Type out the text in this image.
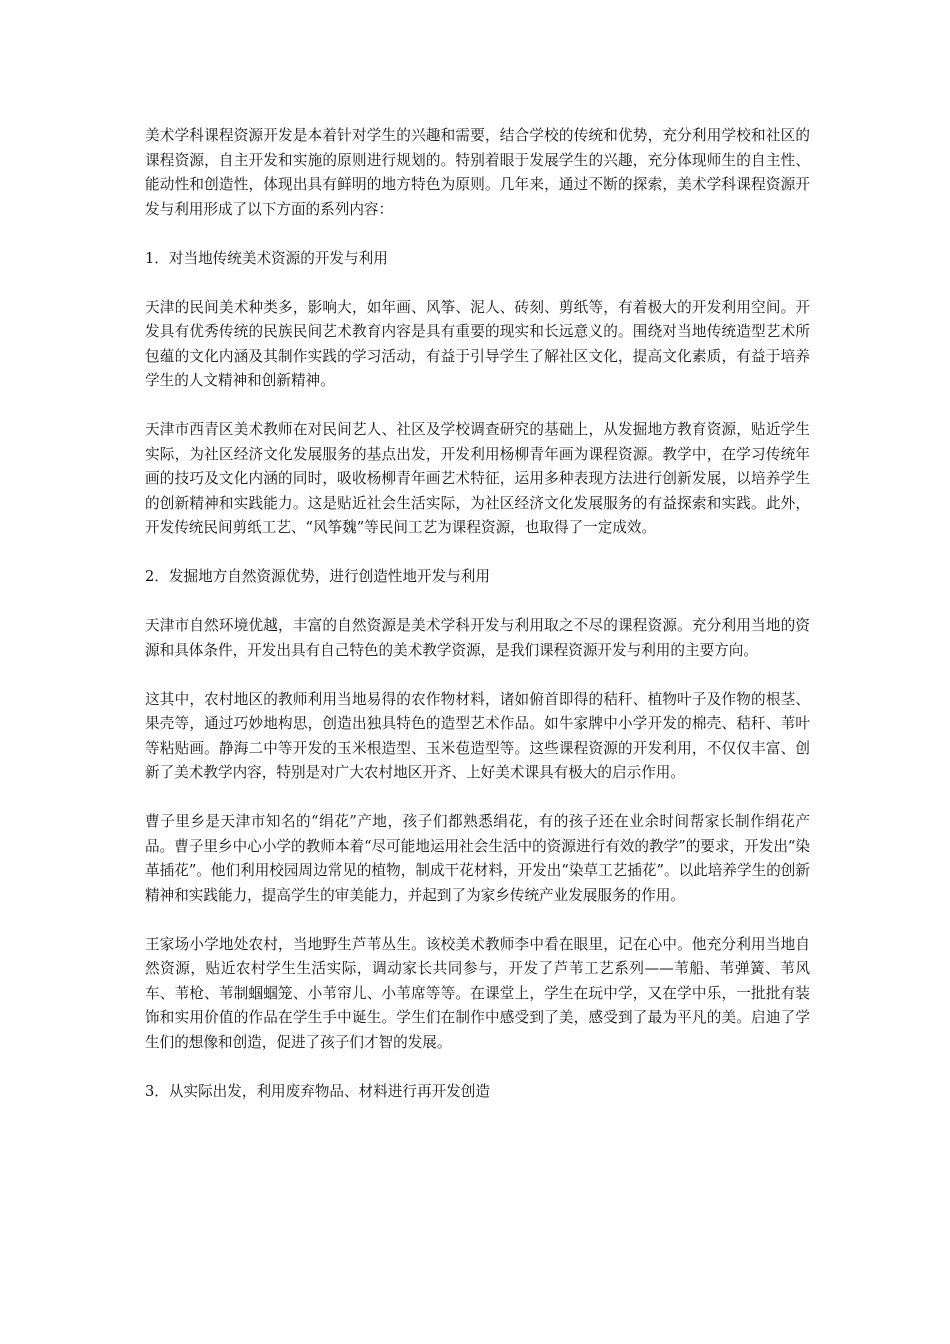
美术学科课程资源开发是本着针对学生的兴趣和需要，结合学校的传统和优势，充分利用学校和社区的课程资源，自主开发和实施的原则进行规划的。特别着眼于发展学生的兴趣，充分体现师生的自主性、能动性和创造性，体现出具有鲜明的地方特色为原则。几年来，通过不断的探索，美术学科课程资源开发与利用形成了以下方面的系列内容：

1．对当地传统美术资源的开发与利用

天津的民间美术种类多，影响大，如年画、风筝、泥人、砖刻、剪纸等，有着极大的开发利用空间。开发具有优秀传统的民族民间艺术教育内容是具有重要的现实和长远意义的。围绕对当地传统造型艺术所包蕴的文化内涵及其制作实践的学习活动，有益于引导学生了解社区文化，提高文化素质，有益于培养学生的人文精神和创新精神。

天津市西青区美术教师在对民间艺人、社区及学校调查研究的基础上，从发掘地方教育资源，贴近学生实际，为社区经济文化发展服务的基点出发，开发利用杨柳青年画为课程资源。教学中，在学习传统年画的技巧及文化内涵的同时，吸收杨柳青年画艺术特征，运用多种表现方法进行创新发展，以培养学生的创新精神和实践能力。这是贴近社会生活实际，为社区经济文化发展服务的有益探索和实践。此外，开发传统民间剪纸工艺、“风筝魏”等民间工艺为课程资源，也取得了一定成效。

2．发掘地方自然资源优势，进行创造性地开发与利用

天津市自然环境优越，丰富的自然资源是美术学科开发与利用取之不尽的课程资源。充分利用当地的资源和具体条件，开发出具有自己特色的美术教学资源，是我们课程资源开发与利用的主要方向。

这其中，农村地区的教师利用当地易得的农作物材料，诸如俯首即得的秸秆、植物叶子及作物的根茎、果壳等，通过巧妙地构思，创造出独具特色的造型艺术作品。如牛家牌中小学开发的棉壳、秸秆、苇叶等粘贴画。静海二中等开发的玉米根造型、玉米苞造型等。这些课程资源的开发利用，不仅仅丰富、创新了美术教学内容，特别是对广大农村地区开齐、上好美术课具有极大的启示作用。

曹子里乡是天津市知名的“绢花”产地，孩子们都熟悉绢花，有的孩子还在业余时间帮家长制作绢花产品。曹子里乡中心小学的教师本着“尽可能地运用社会生活中的资源进行有效的教学”的要求，开发出“染革插花”。他们利用校园周边常见的植物，制成干花材料，开发出“染草工艺插花”。以此培养学生的创新精神和实践能力，提高学生的审美能力，并起到了为家乡传统产业发展服务的作用。

王家场小学地处农村，当地野生芦苇丛生。该校美术教师李中看在眼里，记在心中。他充分利用当地自然资源，贴近农村学生生活实际，调动家长共同参与，开发了芦苇工艺系列——苇船、苇弹簧、苇风车、苇枪、苇制蝈蝈笼、小苇帘儿、小苇席等等。在课堂上，学生在玩中学，又在学中乐，一批批有装饰和实用价值的作品在学生手中诞生。学生们在制作中感受到了美，感受到了最为平凡的美。启迪了学生们的想像和创造，促进了孩子们才智的发展。

3．从实际出发，利用废弃物品、材料进行再开发创造
